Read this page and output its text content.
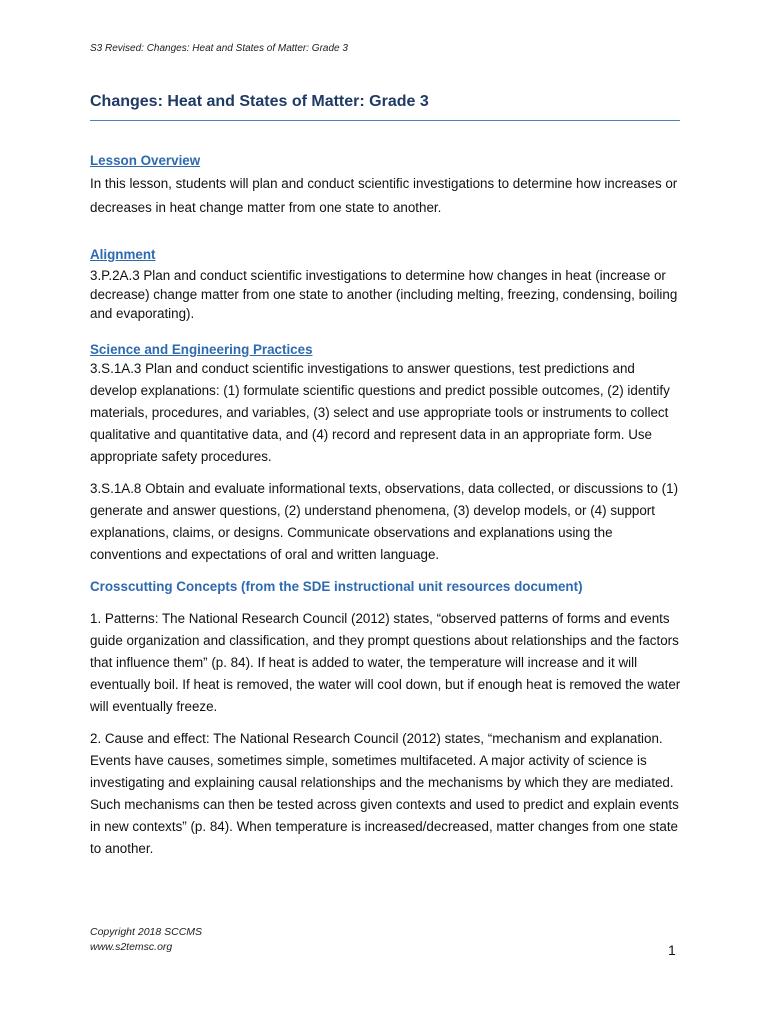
S3 Revised: Changes: Heat and States of Matter: Grade 3
Changes: Heat and States of Matter: Grade 3
Lesson Overview

In this lesson, students will plan and conduct scientific investigations to determine how increases or decreases in heat change matter from one state to another.

Alignment

3.P.2A.3 Plan and conduct scientific investigations to determine how changes in heat (increase or decrease) change matter from one state to another (including melting, freezing, condensing, boiling and evaporating).

Science and Engineering Practices

3.S.1A.3 Plan and conduct scientific investigations to answer questions, test predictions and develop explanations: (1) formulate scientific questions and predict possible outcomes, (2) identify materials, procedures, and variables, (3) select and use appropriate tools or instruments to collect qualitative and quantitative data, and (4) record and represent data in an appropriate form. Use appropriate safety procedures.

3.S.1A.8 Obtain and evaluate informational texts, observations, data collected, or discussions to (1) generate and answer questions, (2) understand phenomena, (3) develop models, or (4) support explanations, claims, or designs. Communicate observations and explanations using the conventions and expectations of oral and written language.

Crosscutting Concepts (from the SDE instructional unit resources document)

1. Patterns: The National Research Council (2012) states, “observed patterns of forms and events guide organization and classification, and they prompt questions about relationships and the factors that influence them” (p. 84). If heat is added to water, the temperature will increase and it will eventually boil. If heat is removed, the water will cool down, but if enough heat is removed the water will eventually freeze.

2. Cause and effect: The National Research Council (2012) states, “mechanism and explanation. Events have causes, sometimes simple, sometimes multifaceted. A major activity of science is investigating and explaining causal relationships and the mechanisms by which they are mediated. Such mechanisms can then be tested across given contexts and used to predict and explain events in new contexts” (p. 84). When temperature is increased/decreased, matter changes from one state to another.

Copyright 2018 SCCMS
www.s2temsc.org	1
